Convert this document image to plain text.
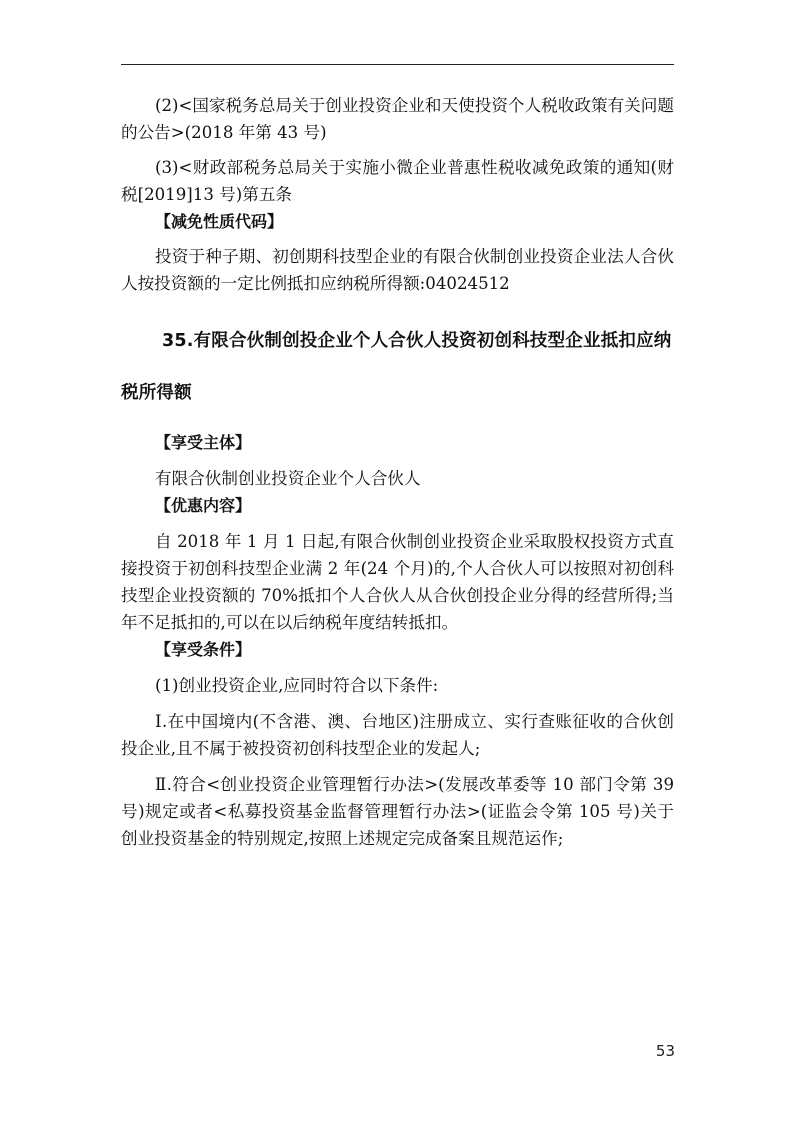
(2)<国家税务总局关于创业投资企业和天使投资个人税收政策有关问题的公告>(2018 年第 43 号)

(3)<财政部税务总局关于实施小微企业普惠性税收减免政策的通知(财税[2019]13 号)第五条

【减免性质代码】

投资于种子期、初创期科技型企业的有限合伙制创业投资企业法人合伙人按投资额的一定比例抵扣应纳税所得额:04024512

35.有限合伙制创投企业个人合伙人投资初创科技型企业抵扣应纳税所得额

【享受主体】

有限合伙制创业投资企业个人合伙人

【优惠内容】

自 2018 年 1 月 1 日起,有限合伙制创业投资企业采取股权投资方式直接投资于初创科技型企业满 2 年(24 个月)的,个人合伙人可以按照对初创科技型企业投资额的 70%抵扣个人合伙人从合伙创投企业分得的经营所得;当年不足抵扣的,可以在以后纳税年度结转抵扣。

【享受条件】

(1)创业投资企业,应同时符合以下条件:

Ⅰ.在中国境内(不含港、澳、台地区)注册成立、实行查账征收的合伙创投企业,且不属于被投资初创科技型企业的发起人;

Ⅱ.符合<创业投资企业管理暂行办法>(发展改革委等 10 部门令第 39 号)规定或者<私募投资基金监督管理暂行办法>(证监会令第 105 号)关于创业投资基金的特别规定,按照上述规定完成备案且规范运作;

53
